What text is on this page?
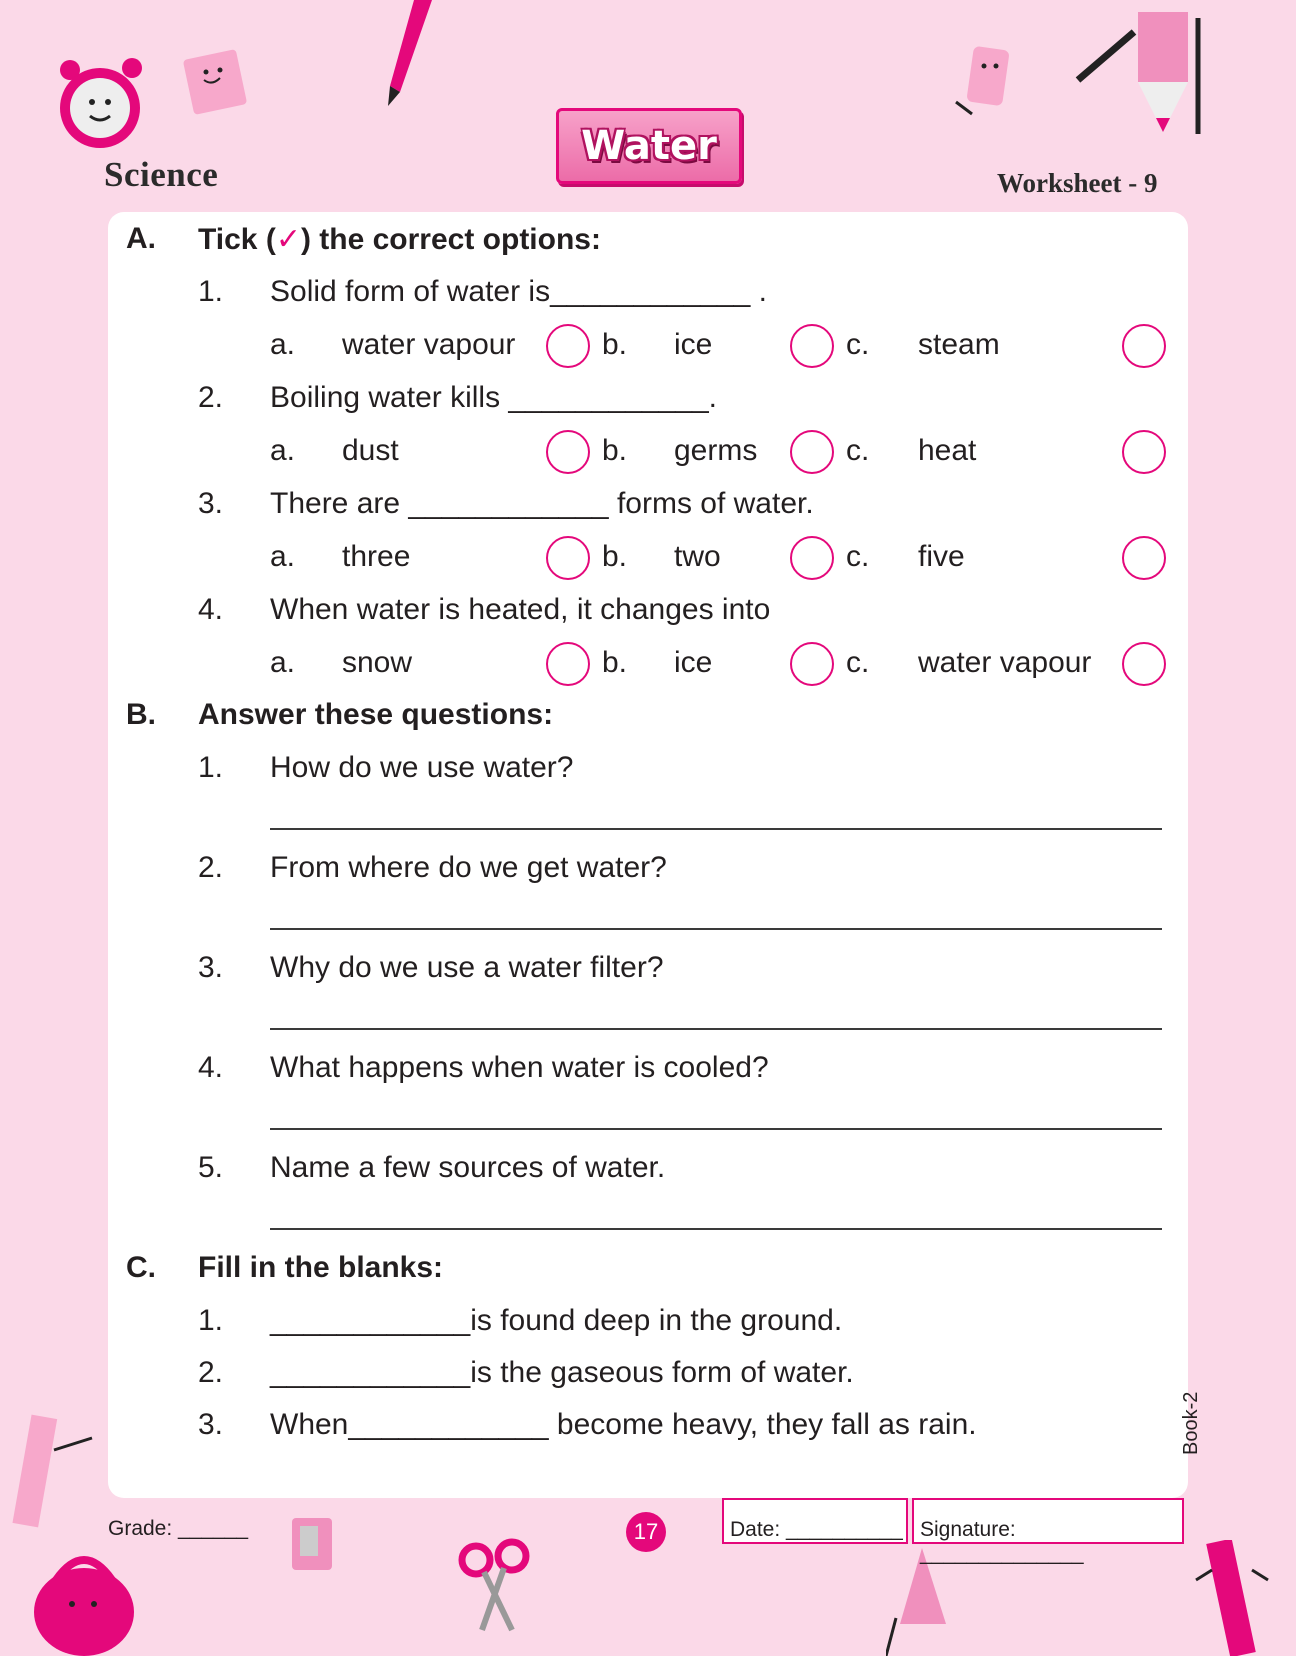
Science
Water
Worksheet - 9
A. Tick (✓) the correct options:
1. Solid form of water is____________ .
a. water vapour	b. ice	c. steam
2. Boiling water kills ____________.
a. dust	b. germs	c. heat
3. There are ____________ forms of water.
a. three	b. two	c. five
4. When water is heated, it changes into
a. snow	b. ice	c. water vapour
B. Answer these questions:
1. How do we use water?
2. From where do we get water?
3. Why do we use a water filter?
4. What happens when water is cooled?
5. Name a few sources of water.
C. Fill in the blanks:
1. ____________is found deep in the ground.
2. ____________is the gaseous form of water.
3. When____________ become heavy, they fall as rain.
Grade: ______	17	Date: __________ Signature: ______________
Book-2
